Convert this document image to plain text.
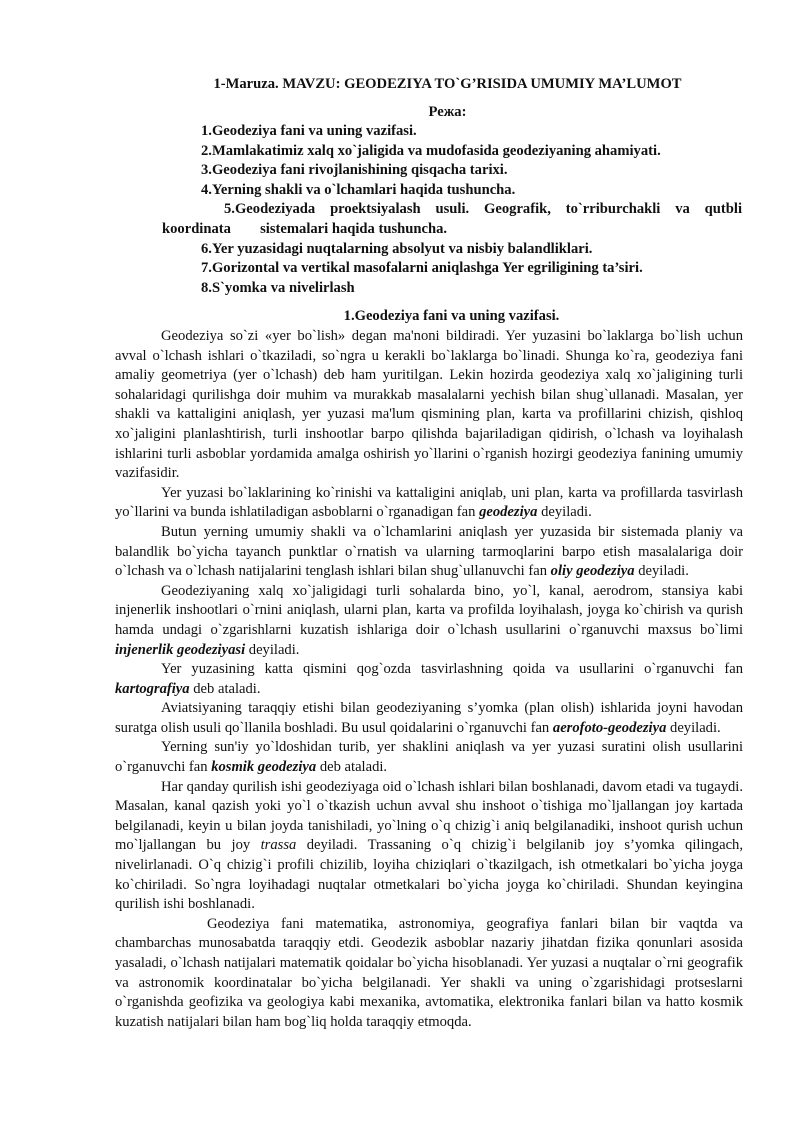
1-Maruza. MAVZU: GEODEZIYA TO`G’RISIDA UMUMIY MA’LUMOT
Режа:
1.Geodeziya fani va uning vazifasi.
2.Mamlakatimiz xalq xo`jaligida va mudofasida geodeziyaning ahamiyati.
3.Geodeziya fani rivojlanishining qisqacha tarixi.
4.Yerning shakli va o`lchamlari haqida tushuncha.
5.Geodeziyada proektsiyalash usuli. Geografik, to`rriburchakli va qutbli
koordinata        sistemalari haqida tushuncha.
6.Yer yuzasidagi nuqtalarning absolyut va nisbiy balandliklari.
7.Gorizontal va vertikal masofalarni aniqlashga Yer egriligining ta’siri.
8.S`yomka va nivelirlash
1.Geodeziya fani va uning vazifasi.

Geodeziya so`zi «yer bo`lish» degan ma'noni bildiradi. Yer yuzasini bo`laklarga bo`lish uchun avval o`lchash ishlari o`tkaziladi, so`ngra u kerakli bo`laklarga bo`linadi. Shunga ko`ra, geodeziya fani amaliy geometriya (yer o`lchash) deb ham yuritilgan. Lekin hozirda geodeziya xalq xo`jaligining turli sohalaridagi qurilishga doir muhim va murakkab masalalarni yechish bilan shug`ullanadi. Masalan, yer shakli va kattaligini aniqlash, yer yuzasi ma'lum qismining plan, karta va profillarini chizish, qishloq xo`jaligini planlashtirish, turli inshootlar barpo qilishda bajariladigan qidirish, o`lchash va loyihalash ishlarini turli asboblar yordamida amalga oshirish yo`llarini o`rganish hozirgi geodeziya fanining umumiy vazifasidir.

Yer yuzasi bo`laklarining ko`rinishi va kattaligini aniqlab, uni plan, karta va profillarda tasvirlash yo`llarini va bunda ishlatiladigan asboblarni o`rganadigan fan geodeziya deyiladi.

Butun yerning umumiy shakli va o`lchamlarini aniqlash yer yuzasida bir sistemada planiy va balandlik bo`yicha tayanch punktlar o`rnatish va ularning tarmoqlarini barpo etish masalalariga doir o`lchash va o`lchash natijalarini tenglash ishlari bilan shug`ullanuvchi fan oliy geodeziya deyiladi.

Geodeziyaning xalq xo`jaligidagi turli sohalarda bino, yo`l, kanal, aerodrom, stansiya kabi injenerlik inshootlari o`rnini aniqlash, ularni plan, karta va profilda loyihalash, joyga ko`chirish va qurish hamda undagi o`zgarishlarni kuzatish ishlariga doir o`lchash usullarini o`rganuvchi maxsus bo`limi injenerlik geodeziyasi deyiladi.

Yer yuzasining katta qismini qog`ozda tasvirlashning qoida va usullarini o`rganuvchi fan kartografiya deb ataladi.

Aviatsiyaning taraqqiy etishi bilan geodeziyaning s’yomka (plan olish) ishlarida joyni havodan suratga olish usuli qo`llanila boshladi. Bu usul qoidalarini o`rganuvchi fan aerofoto-geodeziya deyiladi.

Yerning sun'iy yo`ldoshidan turib, yer shaklini aniqlash va yer yuzasi suratini olish usullarini o`rganuvchi fan kosmik geodeziya deb ataladi.

Har qanday qurilish ishi geodeziyaga oid o`lchash ishlari bilan boshlanadi, davom etadi va tugaydi. Masalan, kanal qazish yoki yo`l o`tkazish uchun avval shu inshoot o`tishiga mo`ljallangan joy kartada belgilanadi, keyin u bilan joyda tanishiladi, yo`lning o`q chizig`i aniq belgilanadiki, inshoot qurish uchun mo`ljallangan bu joy trassa deyiladi. Trassaning o`q chizig`i belgilanib joy s’yomka qilingach, nivelirlanadi. O`q chizig`i profili chizilib, loyiha chiziqlari o`tkazilgach, ish otmetkalari bo`yicha joyga ko`chiriladi. So`ngra loyihadagi nuqtalar otmetkalari bo`yicha joyga ko`chiriladi. Shundan keyingina qurilish ishi boshlanadi.

Geodeziya fani matematika, astronomiya, geografiya fanlari bilan bir vaqtda va chambarchas munosabatda taraqqiy etdi. Geodezik asboblar nazariy jihatdan fizika qonunlari asosida yasaladi, o`lchash natijalari matematik qoidalar bo`yicha hisoblanadi. Yer yuzasi a nuqtalar o`rni geografik va astronomik koordinatalar bo`yicha belgilanadi. Yer shakli va uning o`zgarishidagi protseslarni o`rganishda geofizika va geologiya kabi mexanika, avtomatika, elektronika fanlari bilan va hatto kosmik kuzatish natijalari bilan ham bog`liq holda taraqqiy etmoqda.
